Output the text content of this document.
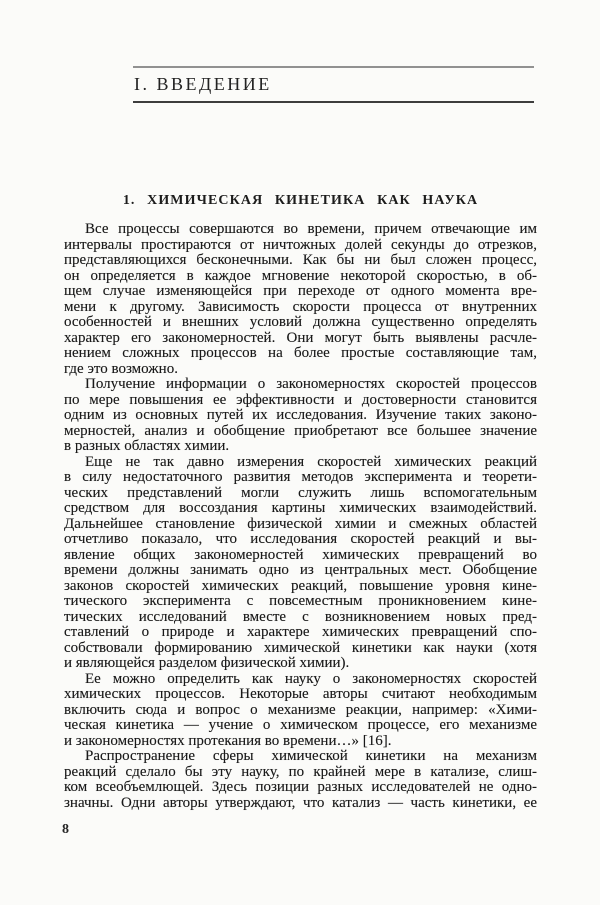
I. ВВЕДЕНИЕ
1. ХИМИЧЕСКАЯ КИНЕТИКА КАК НАУКА
Все процессы совершаются во времени, причем отвечающие им
интервалы простираются от ничтожных долей секунды до отрезков,
представляющихся бесконечными. Как бы ни был сложен процесс,
он определяется в каждое мгновение некоторой скоростью, в об-
щем случае изменяющейся при переходе от одного момента вре-
мени к другому. Зависимость скорости процесса от внутренних
особенностей и внешних условий должна существенно определять
характер его закономерностей. Они могут быть выявлены расчле-
нением сложных процессов на более простые составляющие там,
где это возможно.
Получение информации о закономерностях скоростей процессов
по мере повышения ее эффективности и достоверности становится
одним из основных путей их исследования. Изучение таких законо-
мерностей, анализ и обобщение приобретают все большее значение
в разных областях химии.
Еще не так давно измерения скоростей химических реакций
в силу недостаточного развития методов эксперимента и теорети-
ческих представлений могли служить лишь вспомогательным
средством для воссоздания картины химических взаимодействий.
Дальнейшее становление физической химии и смежных областей
отчетливо показало, что исследования скоростей реакций и вы-
явление общих закономерностей химических превращений во
времени должны занимать одно из центральных мест. Обобщение
законов скоростей химических реакций, повышение уровня кине-
тического эксперимента с повсеместным проникновением кине-
тических исследований вместе с возникновением новых пред-
ставлений о природе и характере химических превращений спо-
собствовали формированию химической кинетики как науки (хотя
и являющейся разделом физической химии).
Ее можно определить как науку о закономерностях скоростей
химических процессов. Некоторые авторы считают необходимым
включить сюда и вопрос о механизме реакции, например: «Хими-
ческая кинетика — учение о химическом процессе, его механизме
и закономерностях протекания во времени…» [16].
Распространение сферы химической кинетики на механизм
реакций сделало бы эту науку, по крайней мере в катализе, слиш-
ком всеобъемлющей. Здесь позиции разных исследователей не одно-
значны. Одни авторы утверждают, что катализ — часть кинетики, ее
8
